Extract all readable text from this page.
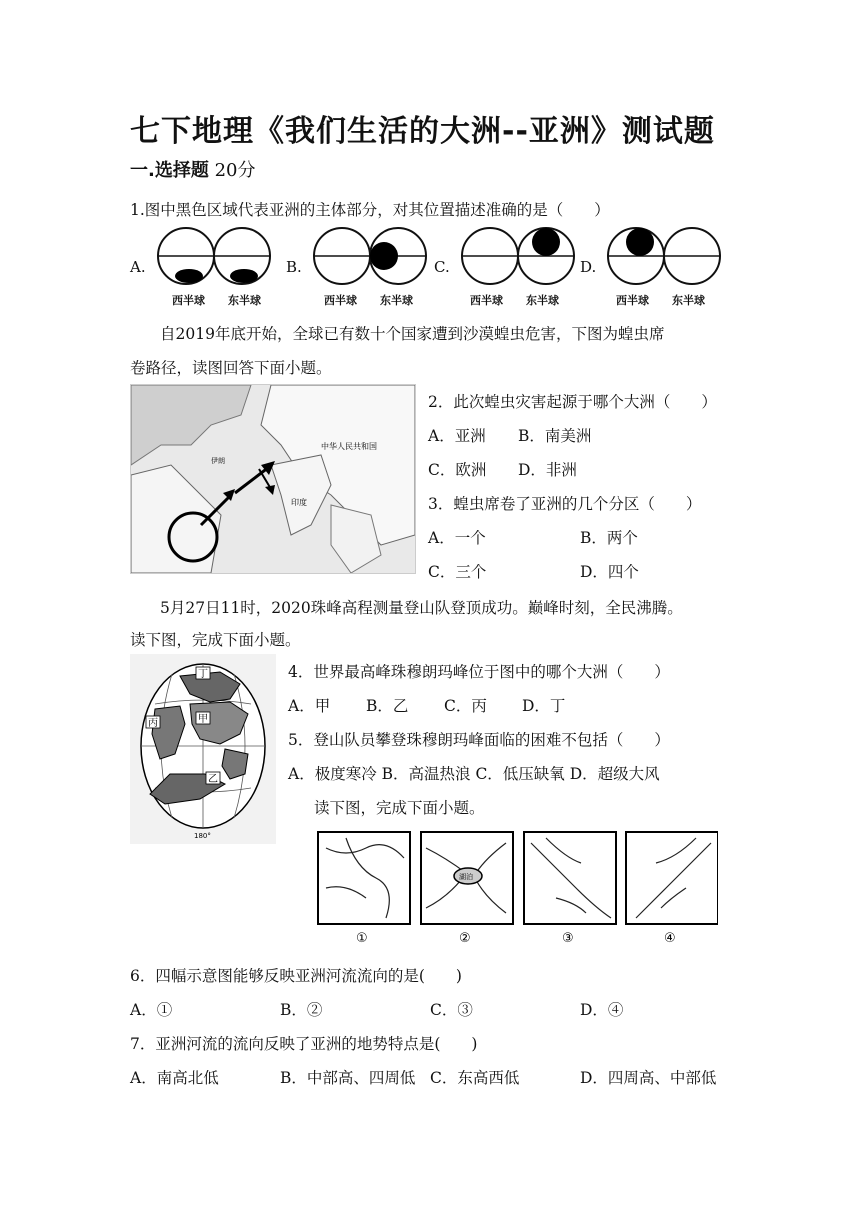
七下地理《我们生活的大洲--亚洲》测试题
一.选择题 20分
1.图中黑色区域代表亚洲的主体部分，对其位置描述准确的是（　　）
A.
西半球 东半球
B.
西半球 东半球
C.
西半球 东半球
D.
西半球 东半球
自2019年底开始，全球已有数十个国家遭到沙漠蝗虫危害，下图为蝗虫席
卷路径，读图回答下面小题。
中华人民共和国
印度
伊朗
2．此次蝗虫灾害起源于哪个大洲（　　）
A．亚洲 B．南美洲
C．欧洲 D．非洲
3．蝗虫席卷了亚洲的几个分区（　　）
A．一个	B．两个
C．三个	D．四个
5月27日11时，2020珠峰高程测量登山队登顶成功。巅峰时刻，全民沸腾。
读下图，完成下面小题。
丁
甲
丙
乙
180°
4．世界最高峰珠穆朗玛峰位于图中的哪个大洲（　　）
A．甲 B．乙 C．丙 D．丁
5．登山队员攀登珠穆朗玛峰面临的困难不包括（　　）
A．极度寒冷 B．高温热浪 C．低压缺氧 D．超级大风
读下图，完成下面小题。
湖泊
①	②	③	④
6．四幅示意图能够反映亚洲河流流向的是(　　)
A．①	B．②	C．③	D．④
7．亚洲河流的流向反映了亚洲的地势特点是(　　)
A．南高北低	B．中部高、四周低 C．东高西低	D．四周高、中部低
